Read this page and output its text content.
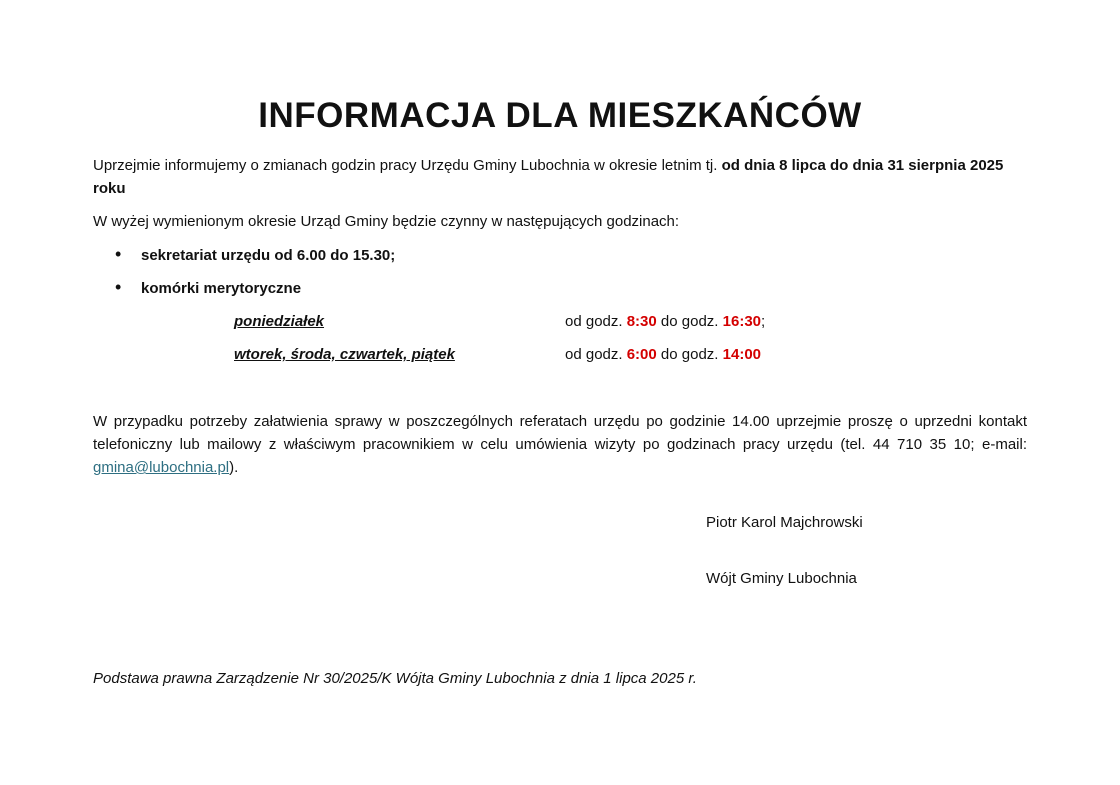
INFORMACJA DLA MIESZKAŃCÓW

Uprzejmie informujemy o zmianach godzin pracy Urzędu Gminy Lubochnia w okresie letnim tj. od dnia 8 lipca do dnia 31 sierpnia 2025 roku

W wyżej wymienionym okresie Urząd Gminy będzie czynny w następujących godzinach:

• sekretariat urzędu od 6.00 do 15.30;
• komórki merytoryczne
poniedziałek	od godz. 8:30 do godz. 16:30;
wtorek, środa, czwartek, piątek	od godz. 6:00 do godz. 14:00

W przypadku potrzeby załatwienia sprawy w poszczególnych referatach urzędu po godzinie 14.00 uprzejmie proszę o uprzedni kontakt telefoniczny lub mailowy z właściwym pracownikiem w celu umówienia wizyty po godzinach pracy urzędu (tel. 44 710 35 10; e-mail: gmina@lubochnia.pl).

Piotr Karol Majchrowski
Wójt Gminy Lubochnia
Podstawa prawna Zarządzenie Nr 30/2025/K Wójta Gminy Lubochnia z dnia 1 lipca 2025 r.
